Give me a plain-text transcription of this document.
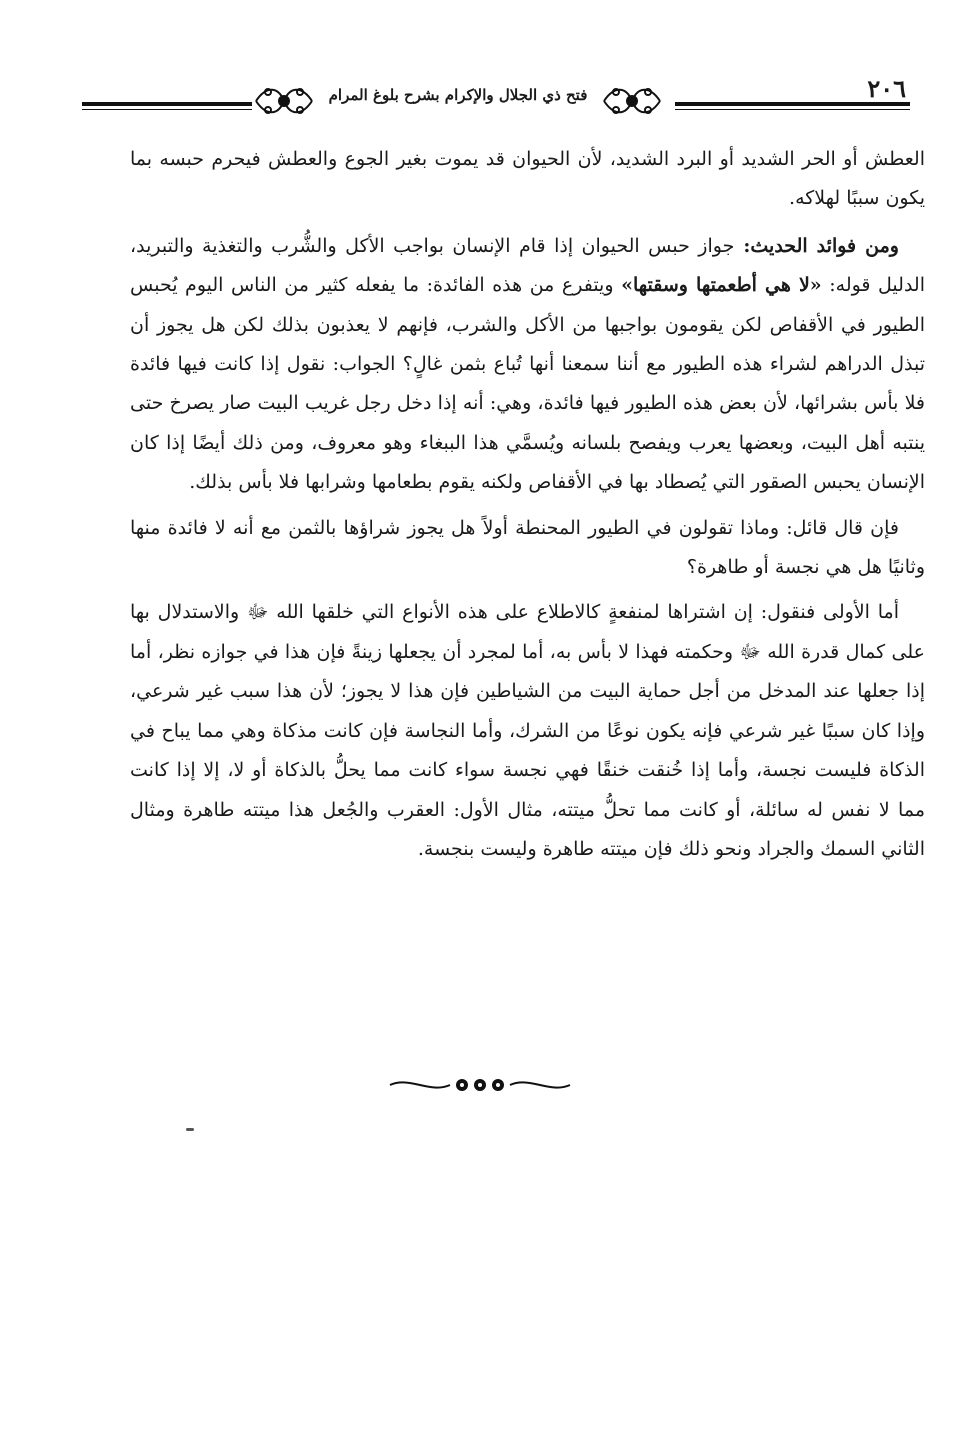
فتح ذي الجلال والإكرام بشرح بلوغ المرام	٢٠٦

العطش أو الحر الشديد أو البرد الشديد، لأن الحيوان قد يموت بغير الجوع والعطش فيحرم حبسه بما يكون سببًا لهلاكه.

ومن فوائد الحديث: جواز حبس الحيوان إذا قام الإنسان بواجب الأكل والشُّرب والتغذية والتبريد، الدليل قوله: «لا هي أطعمتها وسقتها» ويتفرع من هذه الفائدة: ما يفعله كثير من الناس اليوم يُحبس الطيور في الأقفاص لكن يقومون بواجبها من الأكل والشرب، فإنهم لا يعذبون بذلك لكن هل يجوز أن تبذل الدراهم لشراء هذه الطيور مع أننا سمعنا أنها تُباع بثمن غالٍ؟ الجواب: نقول إذا كانت فيها فائدة فلا بأس بشرائها، لأن بعض هذه الطيور فيها فائدة، وهي: أنه إذا دخل رجل غريب البيت صار يصرخ حتى ينتبه أهل البيت، وبعضها يعرب ويفصح بلسانه ويُسمَّي هذا الببغاء وهو معروف، ومن ذلك أيضًا إذا كان الإنسان يحبس الصقور التي يُصطاد بها في الأقفاص ولكنه يقوم بطعامها وشرابها فلا بأس بذلك.

فإن قال قائل: وماذا تقولون في الطيور المحنطة أولاً هل يجوز شراؤها بالثمن مع أنه لا فائدة منها وثانيًا هل هي نجسة أو طاهرة؟

أما الأولى فنقول: إن اشتراها لمنفعةٍ كالاطلاع على هذه الأنواع التي خلقها الله ﷻ والاستدلال بها على كمال قدرة الله ﷻ وحكمته فهذا لا بأس به، أما لمجرد أن يجعلها زينةً فإن هذا في جوازه نظر، أما إذا جعلها عند المدخل من أجل حماية البيت من الشياطين فإن هذا لا يجوز؛ لأن هذا سبب غير شرعي، وإذا كان سببًا غير شرعي فإنه يكون نوعًا من الشرك، وأما النجاسة فإن كانت مذكاة وهي مما يباح في الذكاة فليست نجسة، وأما إذا خُنقت خنقًا فهي نجسة سواء كانت مما يحلُّ بالذكاة أو لا، إلا إذا كانت مما لا نفس له سائلة، أو كانت مما تحلُّ ميتته، مثال الأول: العقرب والجُعل هذا ميتته طاهرة ومثال الثاني السمك والجراد ونحو ذلك فإن ميتته طاهرة وليست بنجسة.
